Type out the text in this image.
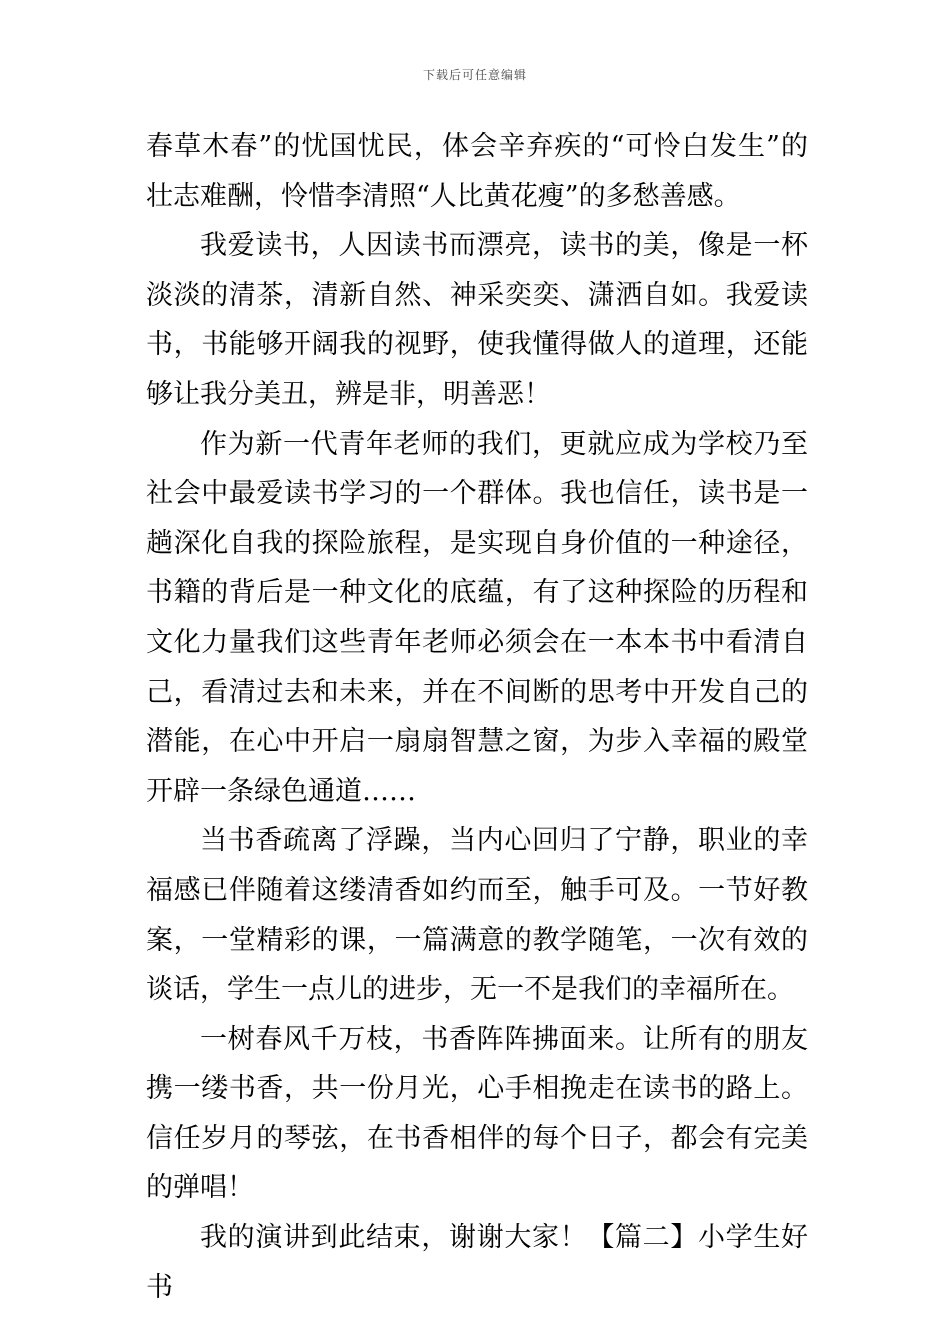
下载后可任意编辑

春草木春”的忧国忧民，体会辛弃疾的“可怜白发生”的壮志难酬，怜惜李清照“人比黄花瘦”的多愁善感。

我爱读书，人因读书而漂亮，读书的美，像是一杯淡淡的清茶，清新自然、神采奕奕、潇洒自如。我爱读书，书能够开阔我的视野，使我懂得做人的道理，还能够让我分美丑，辨是非，明善恶！

作为新一代青年老师的我们，更就应成为学校乃至社会中最爱读书学习的一个群体。我也信任，读书是一趟深化自我的探险旅程，是实现自身价值的一种途径，书籍的背后是一种文化的底蕴，有了这种探险的历程和文化力量我们这些青年老师必须会在一本本书中看清自己，看清过去和未来，并在不间断的思考中开发自己的潜能，在心中开启一扇扇智慧之窗，为步入幸福的殿堂开辟一条绿色通道……

当书香疏离了浮躁，当内心回归了宁静，职业的幸福感已伴随着这缕清香如约而至，触手可及。一节好教案，一堂精彩的课，一篇满意的教学随笔，一次有效的谈话，学生一点儿的进步，无一不是我们的幸福所在。

一树春风千万枝，书香阵阵拂面来。让所有的朋友携一缕书香，共一份月光，心手相挽走在读书的路上。信任岁月的琴弦，在书香相伴的每个日子，都会有完美的弹唱！

我的演讲到此结束，谢谢大家！【篇二】小学生好书
